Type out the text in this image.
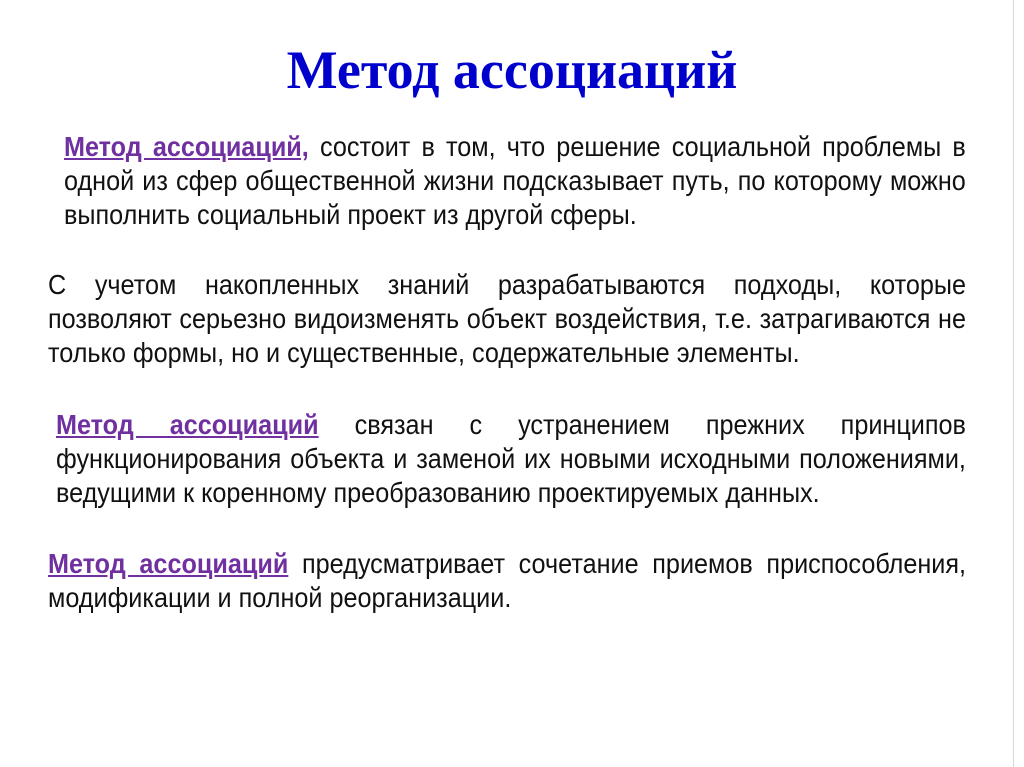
Метод ассоциаций
Метод ассоциаций, состоит в том, что решение социальной проблемы в одной из сфер общественной жизни подсказывает путь, по которому можно выполнить социальный проект из другой сферы.
С учетом накопленных знаний разрабатываются подходы, которые позволяют серьезно видоизменять объект воздействия, т.е. затрагиваются не только формы, но и существенные, содержательные элементы.
Метод ассоциаций связан с устранением прежних принципов функционирования объекта и заменой их новыми исходными положениями, ведущими к коренному преобразованию проектируемых данных.
Метод ассоциаций предусматривает сочетание приемов приспособления, модификации и полной реорганизации.
